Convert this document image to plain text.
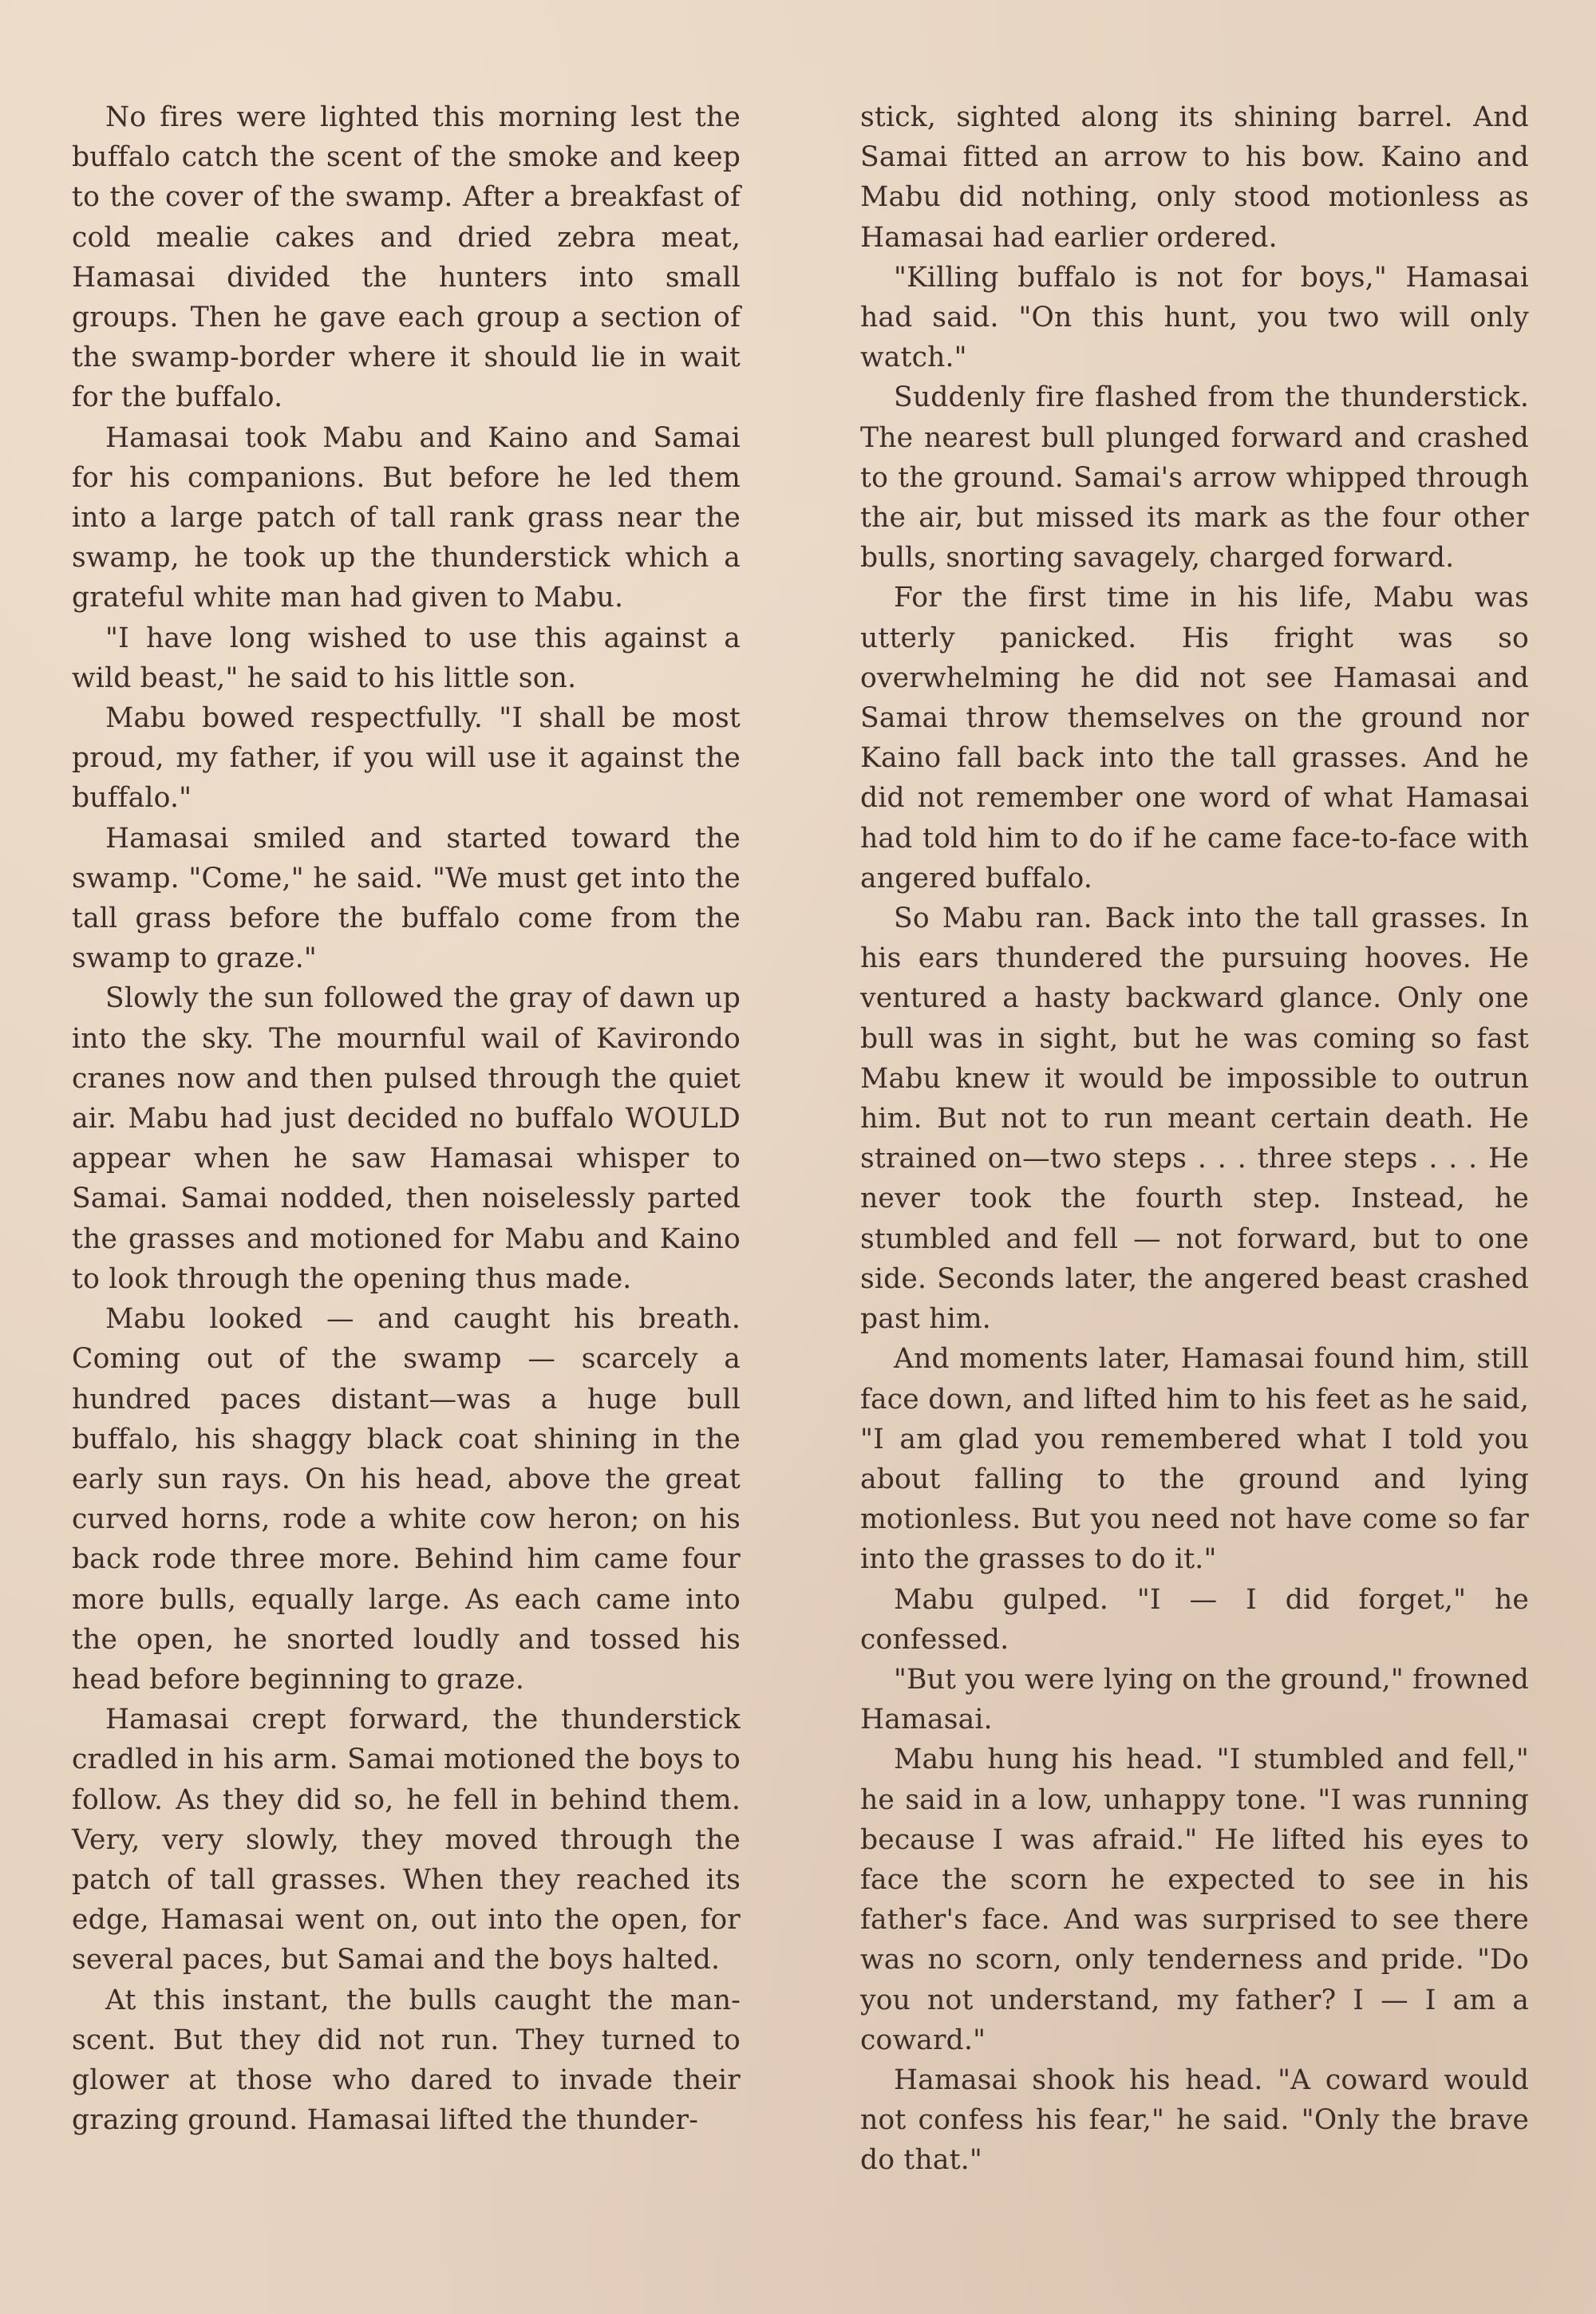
No fires were lighted this morning lest the buffalo catch the scent of the smoke and keep to the cover of the swamp. After a breakfast of cold mealie cakes and dried zebra meat, Hamasai divided the hunters into small groups. Then he gave each group a section of the swamp-border where it should lie in wait for the buffalo.

Hamasai took Mabu and Kaino and Samai for his companions. But before he led them into a large patch of tall rank grass near the swamp, he took up the thunderstick which a grateful white man had given to Mabu.

"I have long wished to use this against a wild beast," he said to his little son.

Mabu bowed respectfully. "I shall be most proud, my father, if you will use it against the buffalo."

Hamasai smiled and started toward the swamp. "Come," he said. "We must get into the tall grass before the buffalo come from the swamp to graze."

Slowly the sun followed the gray of dawn up into the sky. The mournful wail of Kavirondo cranes now and then pulsed through the quiet air. Mabu had just decided no buffalo WOULD appear when he saw Hamasai whisper to Samai. Samai nodded, then noiselessly parted the grasses and motioned for Mabu and Kaino to look through the opening thus made.

Mabu looked — and caught his breath. Coming out of the swamp — scarcely a hundred paces distant—was a huge bull buffalo, his shaggy black coat shining in the early sun rays. On his head, above the great curved horns, rode a white cow heron; on his back rode three more. Behind him came four more bulls, equally large. As each came into the open, he snorted loudly and tossed his head before beginning to graze.

Hamasai crept forward, the thunderstick cradled in his arm. Samai motioned the boys to follow. As they did so, he fell in behind them. Very, very slowly, they moved through the patch of tall grasses. When they reached its edge, Hamasai went on, out into the open, for several paces, but Samai and the boys halted.

At this instant, the bulls caught the man-scent. But they did not run. They turned to glower at those who dared to invade their grazing ground. Hamasai lifted the thunder-

stick, sighted along its shining barrel. And Samai fitted an arrow to his bow. Kaino and Mabu did nothing, only stood motionless as Hamasai had earlier ordered.

"Killing buffalo is not for boys," Hamasai had said. "On this hunt, you two will only watch."

Suddenly fire flashed from the thunderstick. The nearest bull plunged forward and crashed to the ground. Samai's arrow whipped through the air, but missed its mark as the four other bulls, snorting savagely, charged forward.

For the first time in his life, Mabu was utterly panicked. His fright was so overwhelming he did not see Hamasai and Samai throw themselves on the ground nor Kaino fall back into the tall grasses. And he did not remember one word of what Hamasai had told him to do if he came face-to-face with angered buffalo.

So Mabu ran. Back into the tall grasses. In his ears thundered the pursuing hooves. He ventured a hasty backward glance. Only one bull was in sight, but he was coming so fast Mabu knew it would be impossible to outrun him. But not to run meant certain death. He strained on—two steps . . . three steps . . . He never took the fourth step. Instead, he stumbled and fell — not forward, but to one side. Seconds later, the angered beast crashed past him.

And moments later, Hamasai found him, still face down, and lifted him to his feet as he said, "I am glad you remembered what I told you about falling to the ground and lying motionless. But you need not have come so far into the grasses to do it."

Mabu gulped. "I — I did forget," he confessed.

"But you were lying on the ground," frowned Hamasai.

Mabu hung his head. "I stumbled and fell," he said in a low, unhappy tone. "I was running because I was afraid." He lifted his eyes to face the scorn he expected to see in his father's face. And was surprised to see there was no scorn, only tenderness and pride. "Do you not understand, my father? I — I am a coward."

Hamasai shook his head. "A coward would not confess his fear," he said. "Only the brave do that."
